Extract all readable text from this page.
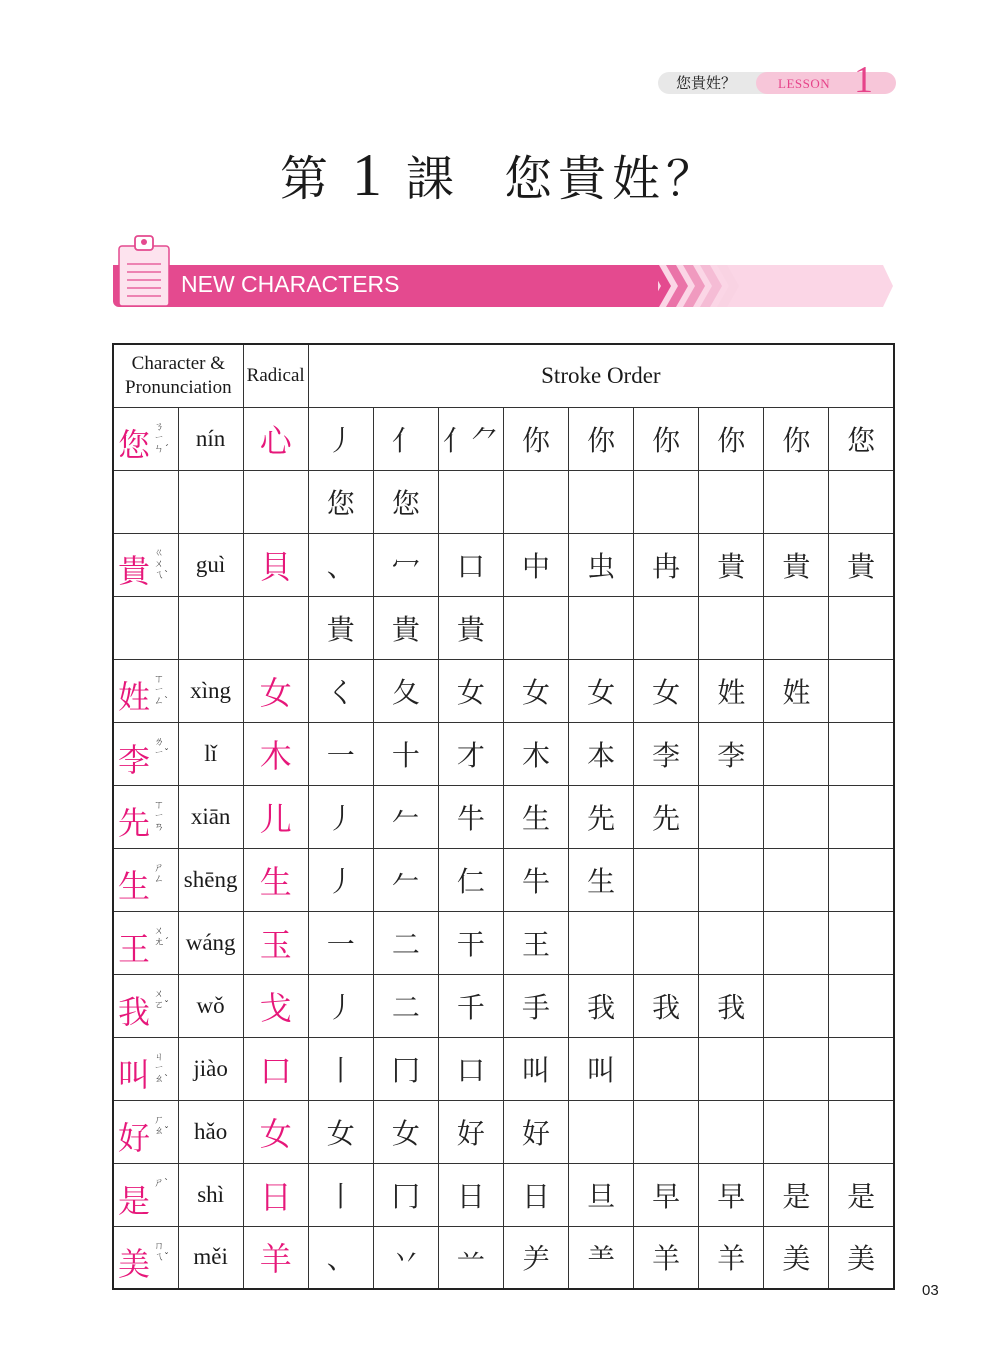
您貴姓？	LESSON 1
第 1 課 您貴姓？
NEW CHARACTERS
Character & Pronunciation		Radical	Stroke Order								

您 ㄋㄧㄣˊ	nín	心	丿	亻	亻⺈	你	你	你	你	你	您

			您	您							

貴 ㄍㄨㄟˋ	guì	貝	、	冖	口	中	虫	冉	貴	貴	貴

			貴	貴	貴						

姓 ㄒㄧㄥˋ	xìng	女	く	夂	女	女	女	女	姓	姓	

李 ㄌㄧˇ	lǐ	木	一	十	才	木	本	李	李		

先 ㄒㄧㄢ	xiān	儿	丿	𠂉	牛	生	先	先			

生 ㄕㄥ	shēng	生	丿	𠂉	仁	牛	生				

王 ㄨㄤˊ	wáng	玉	一	二	干	王					

我 ㄨㄛˇ	wǒ	戈	丿	二	千	手	我	我	我		

叫 ㄐㄧㄠˋ	jiào	口	丨	冂	口	叫	叫				

好 ㄏㄠˇ	hǎo	女	女	女	好	好					

是 ㄕˋ	shì	日	丨	冂	日	日	旦	早	早	是	是

美 ㄇㄟˇ	měi	羊	、	丷	䒑	⺶	⺷	羊	羊	美	美
03
